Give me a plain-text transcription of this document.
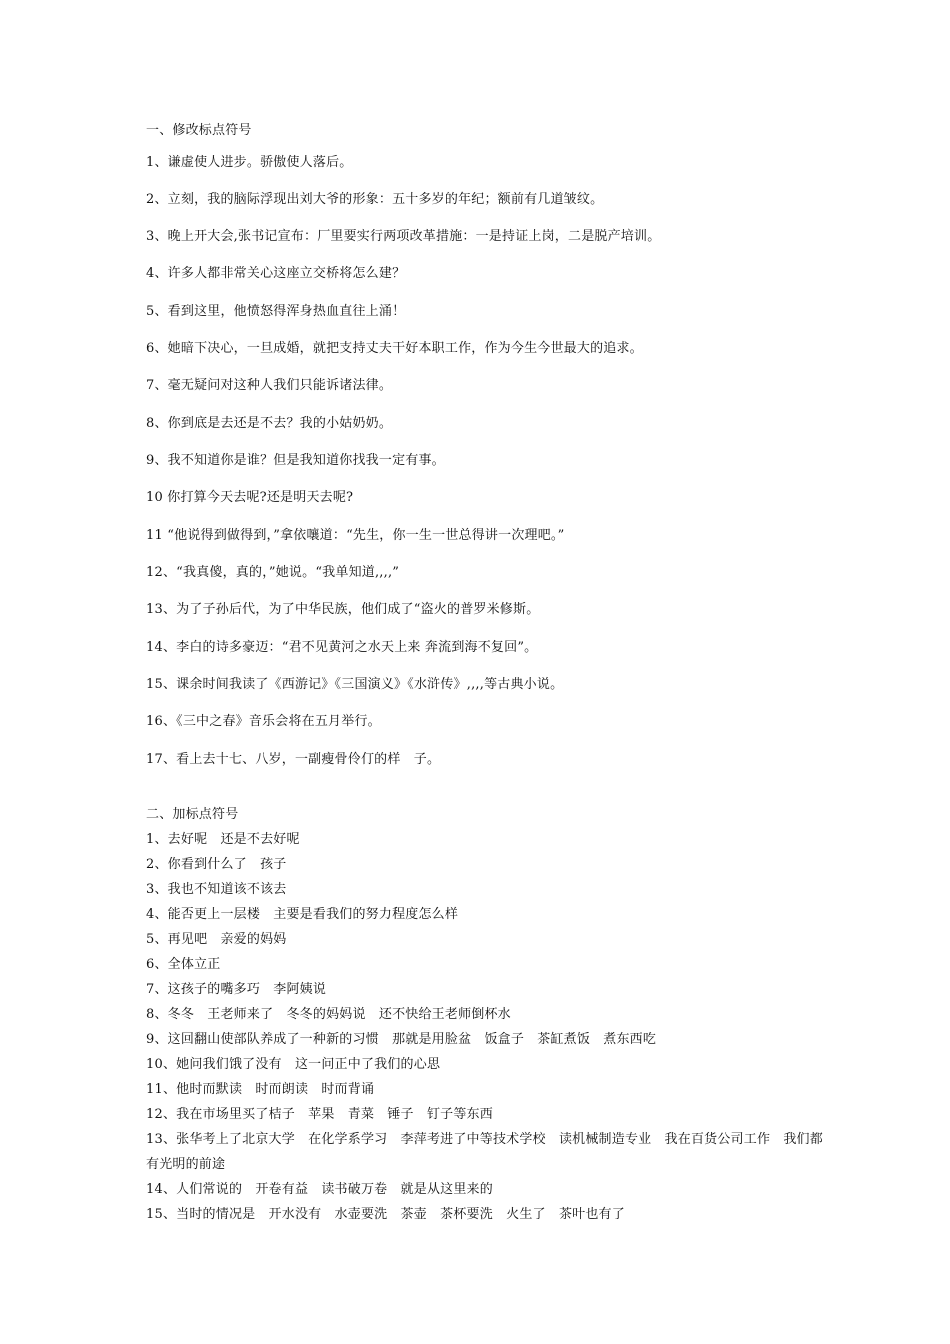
一、修改标点符号
1、谦虚使人进步。骄傲使人落后。
2、立刻，我的脑际浮现出刘大爷的形象：五十多岁的年纪；额前有几道皱纹。
3、晚上开大会,张书记宣布：厂里要实行两项改革措施：一是持证上岗，二是脱产培训。
4、许多人都非常关心这座立交桥将怎么建？
5、看到这里，他愤怒得浑身热血直往上涌！
6、她暗下决心，一旦成婚，就把支持丈夫干好本职工作，作为今生今世最大的追求。
7、毫无疑问对这种人我们只能诉诸法律。
8、你到底是去还是不去？我的小姑奶奶。
9、我不知道你是谁？但是我知道你找我一定有事。
10 你打算今天去呢?还是明天去呢?
11 “他说得到做得到，”拿依嚷道：“先生，你一生一世总得讲一次理吧。”
12、“我真傻，真的，”她说。“我单知道,,,,”
13、为了子孙后代，为了中华民族，他们成了“盗火的普罗米修斯。
14、李白的诗多豪迈：“君不见黄河之水天上来 奔流到海不复回”。
15、课余时间我读了《西游记》《三国演义》《水浒传》,,,,等古典小说。
16、《三中之春》音乐会将在五月举行。
17、看上去十七、八岁，一副瘦骨伶仃的样　子。
二、加标点符号
1、去好呢　还是不去好呢
2、你看到什么了　孩子
3、我也不知道该不该去
4、能否更上一层楼　主要是看我们的努力程度怎么样
5、再见吧　亲爱的妈妈
6、全体立正
7、这孩子的嘴多巧　李阿姨说
8、冬冬　王老师来了　冬冬的妈妈说　还不快给王老师倒杯水
9、这回翻山使部队养成了一种新的习惯　那就是用脸盆　饭盒子　茶缸煮饭　煮东西吃
10、她问我们饿了没有　这一问正中了我们的心思
11、他时而默读　时而朗读　时而背诵
12、我在市场里买了桔子　苹果　青菜　锤子　钉子等东西
13、张华考上了北京大学　在化学系学习　李萍考进了中等技术学校　读机械制造专业　我在百货公司工作　我们都有光明的前途
14、人们常说的　开卷有益　读书破万卷　就是从这里来的
15、当时的情况是　开水没有　水壶要洗　茶壶　茶杯要洗　火生了　茶叶也有了
